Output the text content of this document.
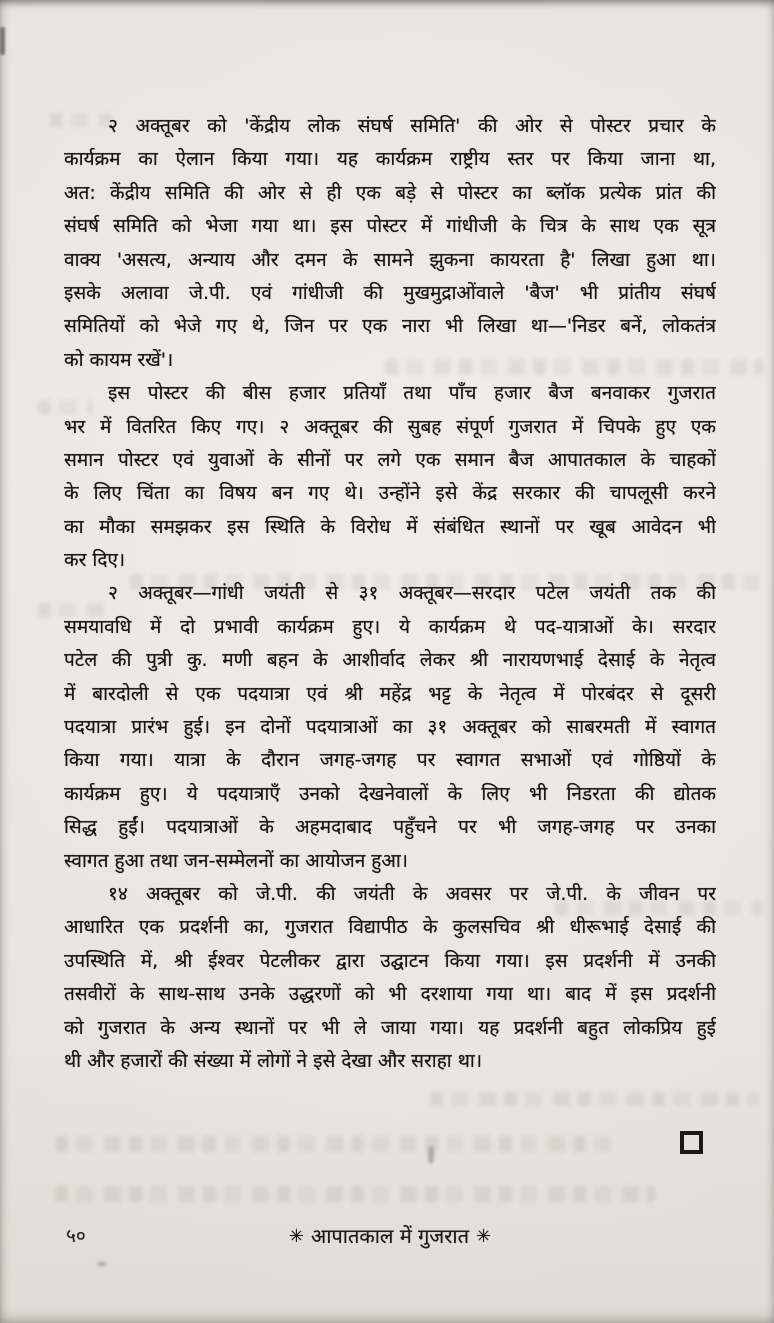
२ अक्तूबर को 'केंद्रीय लोक संघर्ष समिति' की ओर से पोस्टर प्रचार के
कार्यक्रम का ऐलान किया गया। यह कार्यक्रम राष्ट्रीय स्तर पर किया जाना था,
अत: केंद्रीय समिति की ओर से ही एक बड़े से पोस्टर का ब्लॉक प्रत्येक प्रांत की
संघर्ष समिति को भेजा गया था। इस पोस्टर में गांधीजी के चित्र के साथ एक सूत्र
वाक्य 'असत्य, अन्याय और दमन के सामने झुकना कायरता है' लिखा हुआ था।
इसके अलावा जे.पी. एवं गांधीजी की मुखमुद्राओंवाले 'बैज' भी प्रांतीय संघर्ष
समितियों को भेजे गए थे, जिन पर एक नारा भी लिखा था—'निडर बनें, लोकतंत्र
को कायम रखें'।
इस पोस्टर की बीस हजार प्रतियाँ तथा पाँच हजार बैज बनवाकर गुजरात
भर में वितरित किए गए। २ अक्तूबर की सुबह संपूर्ण गुजरात में चिपके हुए एक
समान पोस्टर एवं युवाओं के सीनों पर लगे एक समान बैज आपातकाल के चाहकों
के लिए चिंता का विषय बन गए थे। उन्होंने इसे केंद्र सरकार की चापलूसी करने
का मौका समझकर इस स्थिति के विरोध में संबंधित स्थानों पर खूब आवेदन भी
कर दिए।
२ अक्तूबर—गांधी जयंती से ३१ अक्तूबर—सरदार पटेल जयंती तक की
समयावधि में दो प्रभावी कार्यक्रम हुए। ये कार्यक्रम थे पद-यात्राओं के। सरदार
पटेल की पुत्री कु. मणी बहन के आशीर्वाद लेकर श्री नारायणभाई देसाई के नेतृत्व
में बारदोली से एक पदयात्रा एवं श्री महेंद्र भट्ट के नेतृत्व में पोरबंदर से दूसरी
पदयात्रा प्रारंभ हुई। इन दोनों पदयात्राओं का ३१ अक्तूबर को साबरमती में स्वागत
किया गया। यात्रा के दौरान जगह-जगह पर स्वागत सभाओं एवं गोष्ठियों के
कार्यक्रम हुए। ये पदयात्राएँ उनको देखनेवालों के लिए भी निडरता की द्योतक
सिद्ध हुईं। पदयात्राओं के अहमदाबाद पहुँचने पर भी जगह-जगह पर उनका
स्वागत हुआ तथा जन-सम्मेलनों का आयोजन हुआ।
१४ अक्तूबर को जे.पी. की जयंती के अवसर पर जे.पी. के जीवन पर
आधारित एक प्रदर्शनी का, गुजरात विद्यापीठ के कुलसचिव श्री धीरूभाई देसाई की
उपस्थिति में, श्री ईश्वर पेटलीकर द्वारा उद्घाटन किया गया। इस प्रदर्शनी में उनकी
तसवीरों के साथ-साथ उनके उद्धरणों को भी दरशाया गया था। बाद में इस प्रदर्शनी
को गुजरात के अन्य स्थानों पर भी ले जाया गया। यह प्रदर्शनी बहुत लोकप्रिय हुई
थी और हजारों की संख्या में लोगों ने इसे देखा और सराहा था।
५०	✳ आपातकाल में गुजरात ✳
